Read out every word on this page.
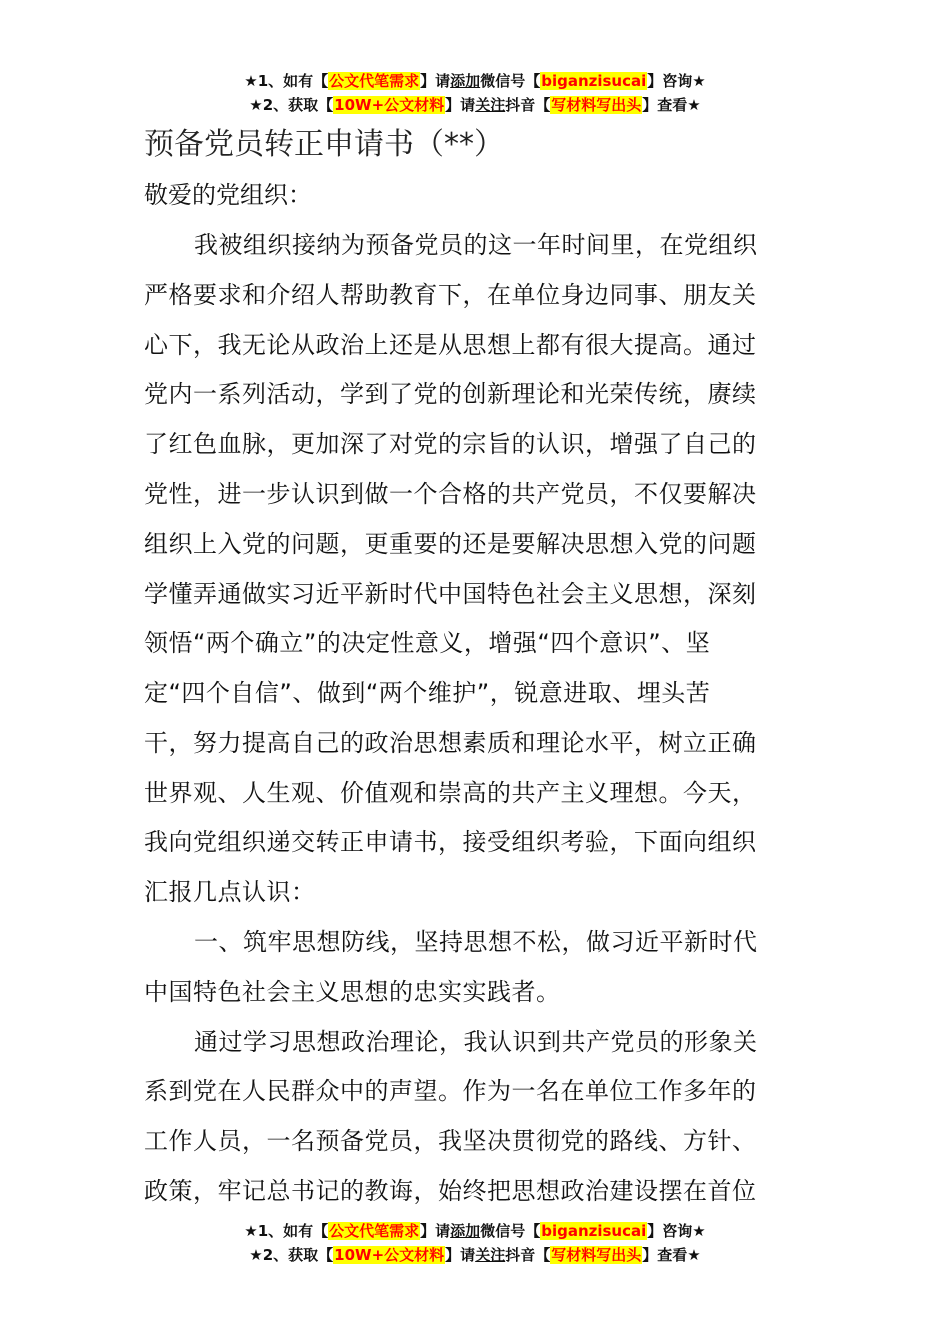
★1、如有【公文代笔需求】请添加微信号【biganzisucai】咨询★
★2、获取【10W+公文材料】请关注抖音【写材料写出头】查看★
预备党员转正申请书（**）
敬爱的党组织：
我被组织接纳为预备党员的这一年时间里，在党组织
严格要求和介绍人帮助教育下，在单位身边同事、朋友关
心下，我无论从政治上还是从思想上都有很大提高。通过
党内一系列活动，学到了党的创新理论和光荣传统，赓续
了红色血脉，更加深了对党的宗旨的认识，增强了自己的
党性，进一步认识到做一个合格的共产党员，不仅要解决
组织上入党的问题，更重要的还是要解决思想入党的问题
学懂弄通做实习近平新时代中国特色社会主义思想，深刻
领悟“两个确立”的决定性意义，增强“四个意识”、坚
定“四个自信”、做到“两个维护”，锐意进取、埋头苦
干，努力提高自己的政治思想素质和理论水平，树立正确
世界观、人生观、价值观和崇高的共产主义理想。今天，
我向党组织递交转正申请书，接受组织考验，下面向组织
汇报几点认识：
一、筑牢思想防线，坚持思想不松，做习近平新时代
中国特色社会主义思想的忠实实践者。
通过学习思想政治理论，我认识到共产党员的形象关
系到党在人民群众中的声望。作为一名在单位工作多年的
工作人员，一名预备党员，我坚决贯彻党的路线、方针、
政策，牢记总书记的教诲，始终把思想政治建设摆在首位
★1、如有【公文代笔需求】请添加微信号【biganzisucai】咨询★
★2、获取【10W+公文材料】请关注抖音【写材料写出头】查看★
